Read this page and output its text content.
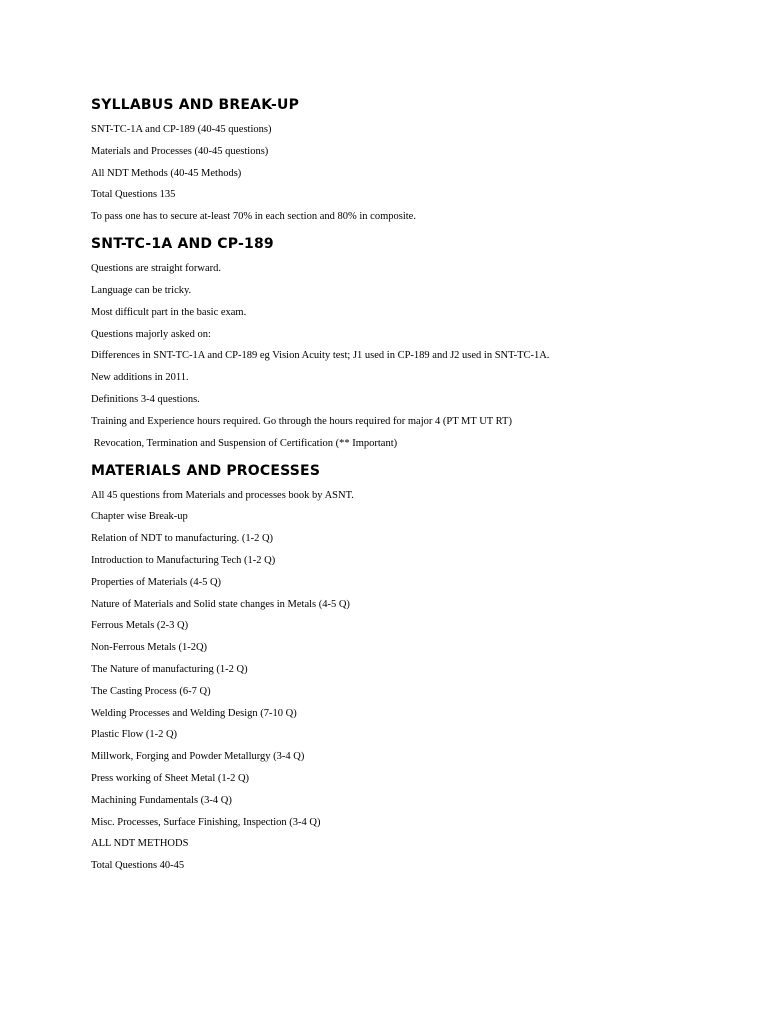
SYLLABUS AND BREAK-UP
SNT-TC-1A and CP-189 (40-45 questions)
Materials and Processes (40-45 questions)
All NDT Methods (40-45 Methods)
Total Questions 135
To pass one has to secure at-least 70% in each section and 80% in composite.
SNT-TC-1A AND CP-189
Questions are straight forward.
Language can be tricky.
Most difficult part in the basic exam.
Questions majorly asked on:
Differences in SNT-TC-1A and CP-189 eg Vision Acuity test; J1 used in CP-189 and J2 used in SNT-TC-1A.
New additions in 2011.
Definitions 3-4 questions.
Training and Experience hours required. Go through the hours required for major 4 (PT MT UT RT)
Revocation, Termination and Suspension of Certification (** Important)
MATERIALS AND PROCESSES
All 45 questions from Materials and processes book by ASNT.
Chapter wise Break-up
Relation of NDT to manufacturing. (1-2 Q)
Introduction to Manufacturing Tech (1-2 Q)
Properties of Materials (4-5 Q)
Nature of Materials and Solid state changes in Metals (4-5 Q)
Ferrous Metals (2-3 Q)
Non-Ferrous Metals (1-2Q)
The Nature of manufacturing (1-2 Q)
The Casting Process (6-7 Q)
Welding Processes and Welding Design (7-10 Q)
Plastic Flow (1-2 Q)
Millwork, Forging and Powder Metallurgy (3-4 Q)
Press working of Sheet Metal (1-2 Q)
Machining Fundamentals (3-4 Q)
Misc. Processes, Surface Finishing, Inspection (3-4 Q)
ALL NDT METHODS
Total Questions 40-45
